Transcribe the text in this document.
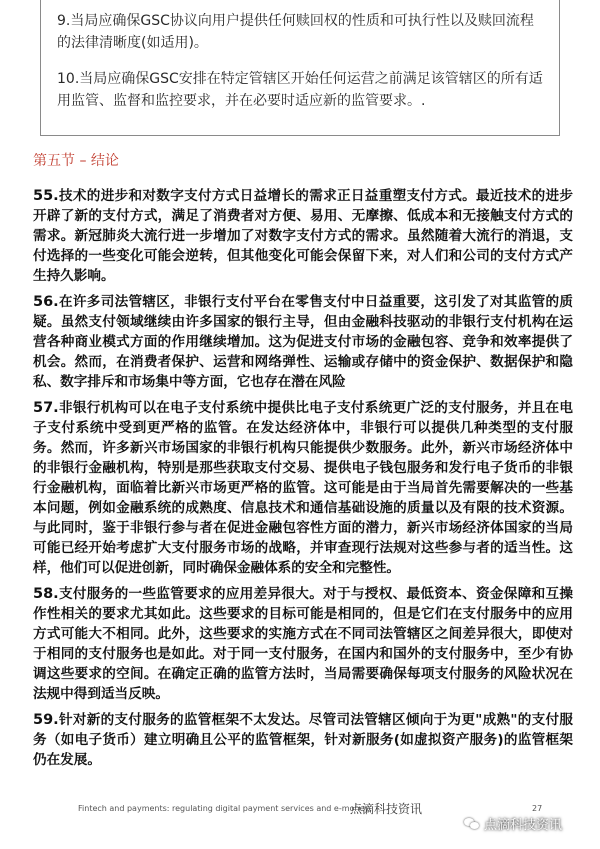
9.当局应确保GSC协议向用户提供任何赎回权的性质和可执行性以及赎回流程的法律清晰度(如适用)。

10.当局应确保GSC安排在特定管辖区开始任何运营之前满足该管辖区的所有适用监管、监督和监控要求，并在必要时适应新的监管要求。.

第五节 – 结论

55.技术的进步和对数字支付方式日益增长的需求正日益重塑支付方式。最近技术的进步开辟了新的支付方式，满足了消费者对方便、易用、无摩擦、低成本和无接触支付方式的需求。新冠肺炎大流行进一步增加了对数字支付方式的需求。虽然随着大流行的消退，支付选择的一些变化可能会逆转，但其他变化可能会保留下来，对人们和公司的支付方式产生持久影响。

56.在许多司法管辖区，非银行支付平台在零售支付中日益重要，这引发了对其监管的质疑。虽然支付领域继续由许多国家的银行主导，但由金融科技驱动的非银行支付机构在运营各种商业模式方面的作用继续增加。这为促进支付市场的金融包容、竞争和效率提供了机会。然而，在消费者保护、运营和网络弹性、运输或存储中的资金保护、数据保护和隐私、数字排斥和市场集中等方面，它也存在潜在风险

57.非银行机构可以在电子支付系统中提供比电子支付系统更广泛的支付服务，并且在电子支付系统中受到更严格的监管。在发达经济体中，非银行可以提供几种类型的支付服务。然而，许多新兴市场国家的非银行机构只能提供少数服务。此外，新兴市场经济体中的非银行金融机构，特别是那些获取支付交易、提供电子钱包服务和发行电子货币的非银行金融机构，面临着比新兴市场更严格的监管。这可能是由于当局首先需要解决的一些基本问题，例如金融系统的成熟度、信息技术和通信基础设施的质量以及有限的技术资源。与此同时，鉴于非银行参与者在促进金融包容性方面的潜力，新兴市场经济体国家的当局可能已经开始考虑扩大支付服务市场的战略，并审查现行法规对这些参与者的适当性。这样，他们可以促进创新，同时确保金融体系的安全和完整性。

58.支付服务的一些监管要求的应用差异很大。对于与授权、最低资本、资金保障和互操作性相关的要求尤其如此。这些要求的目标可能是相同的，但是它们在支付服务中的应用方式可能大不相同。此外，这些要求的实施方式在不同司法管辖区之间差异很大，即使对于相同的支付服务也是如此。对于同一支付服务，在国内和国外的支付服务中，至少有协调这些要求的空间。在确定正确的监管方法时，当局需要确保每项支付服务的风险状况在法规中得到适当反映。

59.针对新的支付服务的监管框架不太发达。尽管司法管辖区倾向于为更"成熟"的支付服务（如电子货币）建立明确且公平的监管框架，针对新服务(如虚拟资产服务)的监管框架仍在发展。

Fintech and payments: regulating digital payment services and e-money
点滴科技资讯	27
点滴科技资讯
